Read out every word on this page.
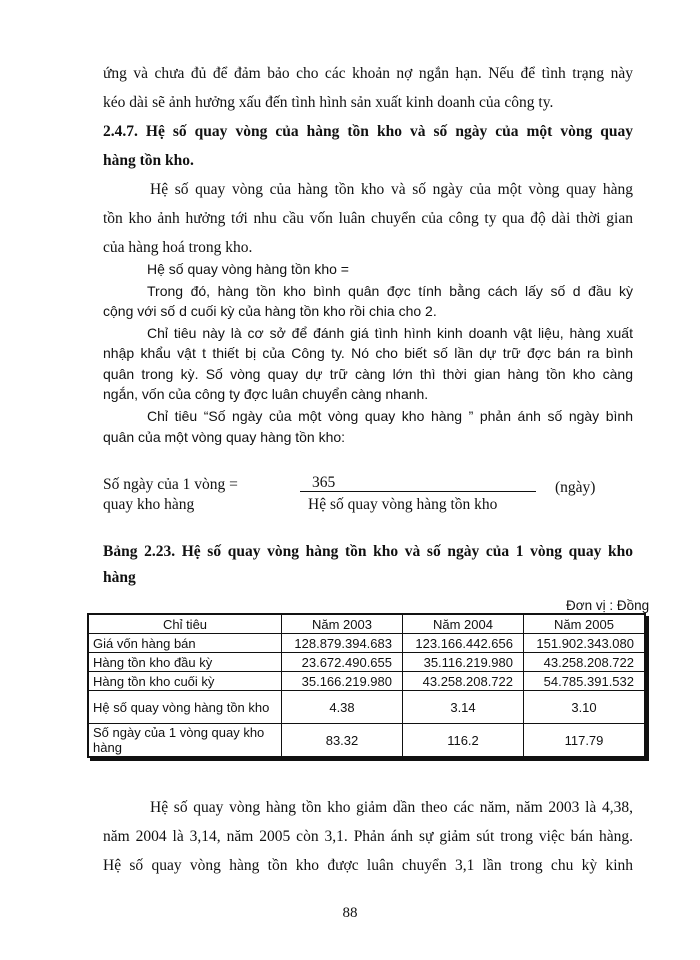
ứng và chưa đủ để đảm bảo cho các khoản nợ ngắn hạn. Nếu để tình trạng này
kéo dài sẽ ảnh hưởng xấu đến tình hình sản xuất kinh doanh của công ty.
2.4.7. Hệ số quay vòng của hàng tồn kho và số ngày của một vòng quay
hàng tồn kho.
Hệ số quay vòng của hàng tồn kho và số ngày của một vòng quay hàng
tồn kho ảnh hưởng tới nhu cầu vốn luân chuyển của công ty qua độ dài thời gian
của hàng hoá trong kho.
Hệ số quay vòng hàng tồn kho =
Trong đó, hàng tồn kho bình quân đợc tính bằng cách lấy số d đầu kỳ
cộng với số d cuối kỳ của hàng tồn kho rồi chia cho 2.
Chỉ tiêu này là cơ sở để đánh giá tình hình kinh doanh vật liệu, hàng xuất
nhập khẩu vật t thiết bị của Công ty. Nó cho biết số lần dự trữ đợc bán ra bình
quân trong kỳ. Số vòng quay dự trữ càng lớn thì thời gian hàng tồn kho càng
ngắn, vốn của công ty đợc luân chuyển càng nhanh.
Chỉ tiêu “Số ngày của một vòng quay kho hàng ” phản ánh số ngày bình
quân của một vòng quay hàng tồn kho:
Số ngày của 1 vòng =
quay kho hàng
365
Hệ số quay vòng hàng tồn kho
(ngày)
Bảng 2.23. Hệ số quay vòng hàng tồn kho và số ngày của 1 vòng quay kho
hàng
Đơn vị : Đồng
Chỉ tiêu	Năm 2003	Năm 2004	Năm 2005
Giá vốn hàng bán	128.879.394.683	123.166.442.656	151.902.343.080
Hàng tồn kho đầu kỳ	23.672.490.655	35.116.219.980	43.258.208.722
Hàng tồn kho cuối kỳ	35.166.219.980	43.258.208.722	54.785.391.532
Hệ số quay vòng hàng tồn kho	4.38	3.14	3.10
Số ngày của 1 vòng quay kho hàng	83.32	116.2	117.79
Hệ số quay vòng hàng tồn kho giảm dần theo các năm, năm 2003 là 4,38,
năm 2004 là 3,14, năm 2005 còn 3,1. Phản ánh sự giảm sút trong việc bán hàng.
Hệ số quay vòng hàng tồn kho được luân chuyển 3,1 lần trong chu kỳ kinh
88
